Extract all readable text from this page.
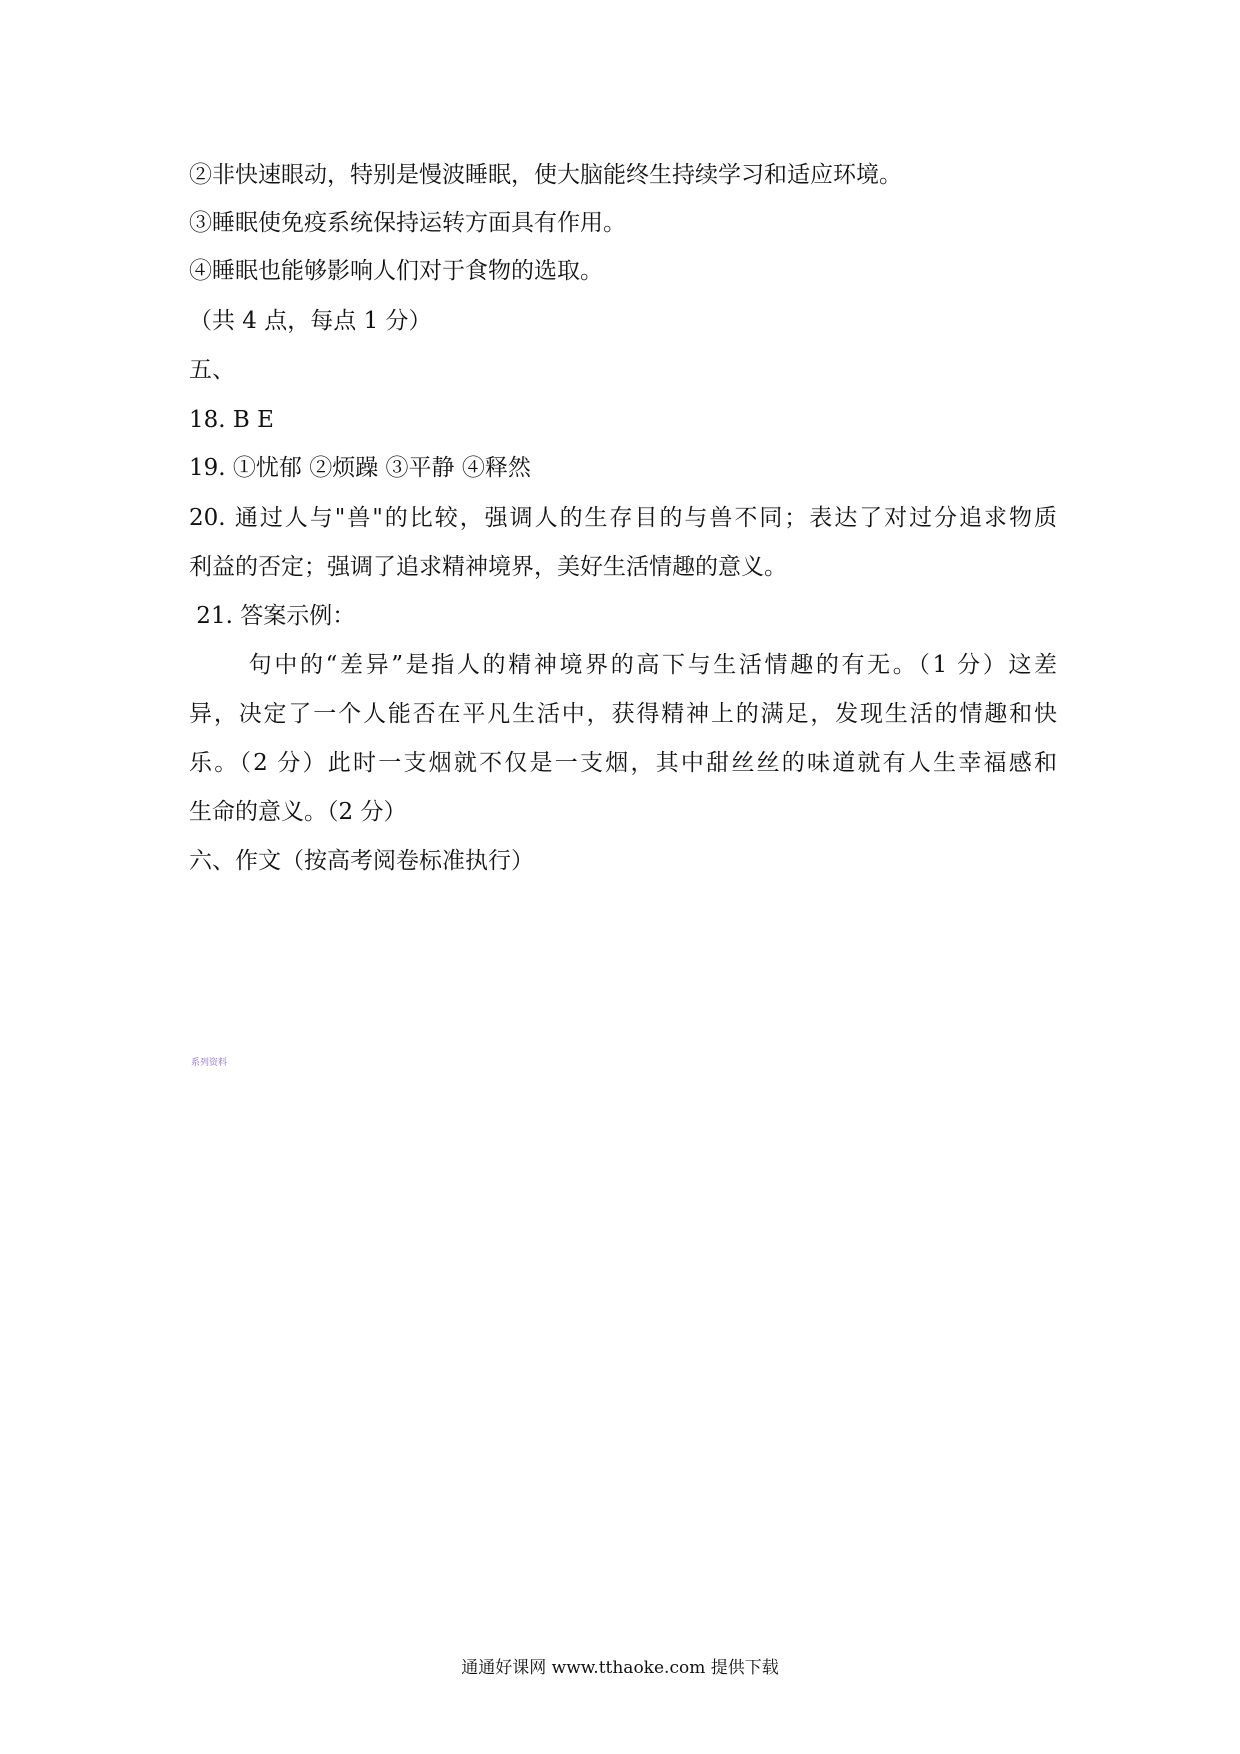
②非快速眼动，特别是慢波睡眠，使大脑能终生持续学习和适应环境。
③睡眠使免疫系统保持运转方面具有作用。
④睡眠也能够影响人们对于食物的选取。
（共 4 点，每点 1 分）
五、
18. B E
19. ①忧郁 ②烦躁 ③平静 ④释然
20. 通过人与"兽"的比较，强调人的生存目的与兽不同；表达了对过分追求物质
利益的否定；强调了追求精神境界，美好生活情趣的意义。
21. 答案示例：
句中的“差异”是指人的精神境界的高下与生活情趣的有无。（1 分）这差
异，决定了一个人能否在平凡生活中，获得精神上的满足，发现生活的情趣和快
乐。（2 分）此时一支烟就不仅是一支烟，其中甜丝丝的味道就有人生幸福感和
生命的意义。（2 分）
六、作文（按高考阅卷标准执行）
系列资料
通通好课网 www.tthaoke.com 提供下载
